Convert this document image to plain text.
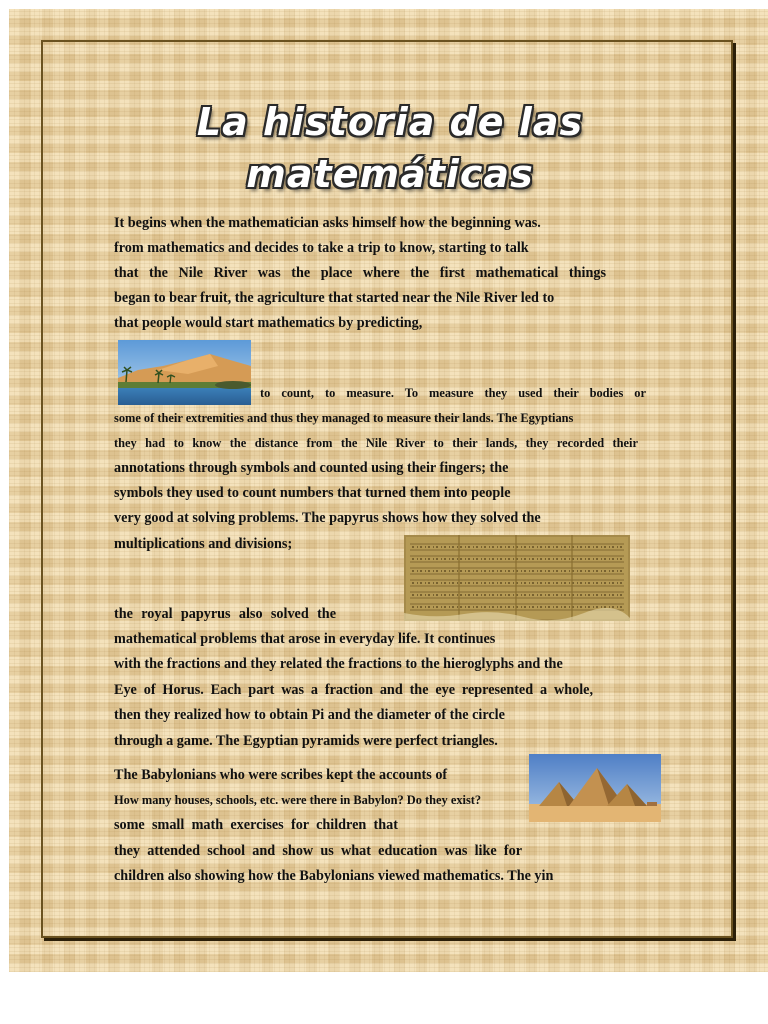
La historia de las
matemáticas
It begins when the mathematician asks himself how the beginning was.
from mathematics and decides to take a trip to know, starting to talk
that the Nile River was the place where the first mathematical things
began to bear fruit, the agriculture that started near the Nile River led to
that people would start mathematics by predicting,
to count, to measure. To measure they used their bodies or
some of their extremities and thus they managed to measure their lands. The Egyptians
they had to know the distance from the Nile River to their lands, they recorded their
annotations through symbols and counted using their fingers; the
symbols they used to count numbers that turned them into people
very good at solving problems. The papyrus shows how they solved the
multiplications and divisions;
the royal papyrus also solved the
mathematical problems that arose in everyday life. It continues
with the fractions and they related the fractions to the hieroglyphs and the
Eye of Horus. Each part was a fraction and the eye represented a whole,
then they realized how to obtain Pi and the diameter of the circle
through a game. The Egyptian pyramids were perfect triangles.
The Babylonians who were scribes kept the accounts of
How many houses, schools, etc. were there in Babylon? Do they exist?
some small math exercises for children that
they attended school and show us what education was like for
children also showing how the Babylonians viewed mathematics. The yin
